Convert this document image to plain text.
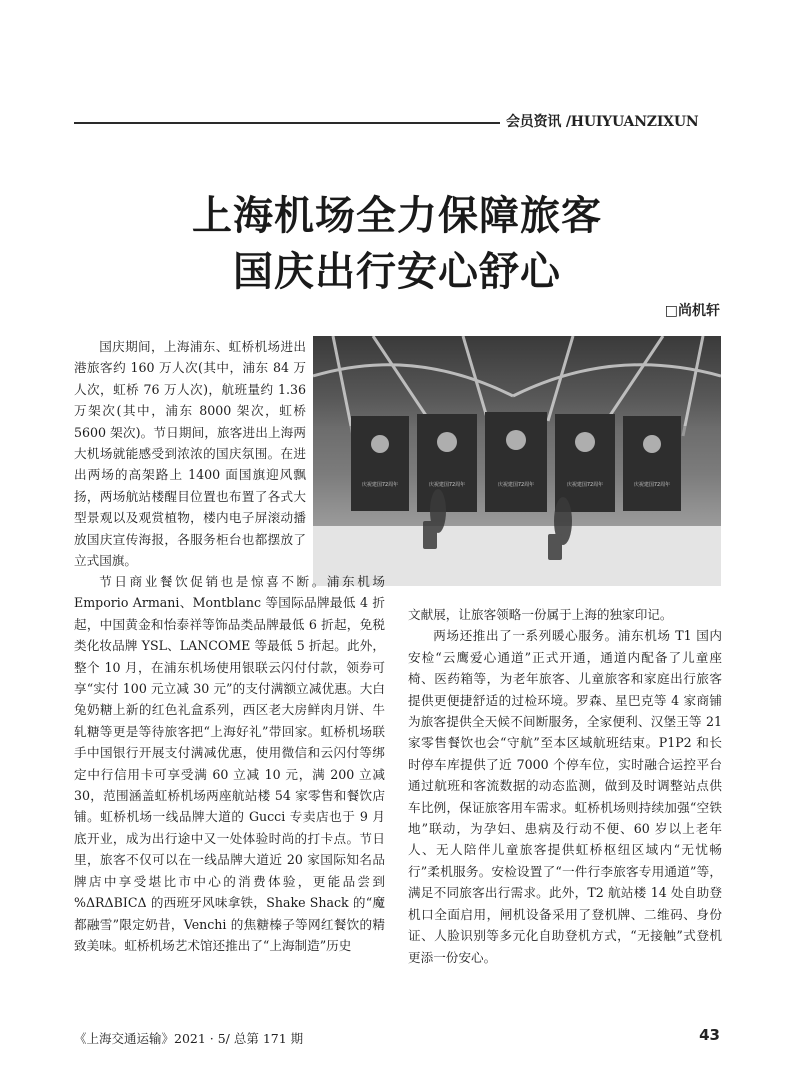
会员资讯 /HUIYUANZIXUN
上海机场全力保障旅客
国庆出行安心舒心
□尚机轩
庆祝建国72周年	庆祝建国72周年	庆祝建国72周年	庆祝建国72周年	庆祝建国72周年

国庆期间，上海浦东、虹桥机场进出港旅客约 160 万人次(其中，浦东 84 万人次，虹桥 76 万人次)，航班量约 1.36 万架次(其中，浦东 8000 架次，虹桥 5600 架次)。节日期间，旅客进出上海两大机场就能感受到浓浓的国庆氛围。在进出两场的高架路上 1400 面国旗迎风飘扬，两场航站楼醒目位置也布置了各式大型景观以及观赏植物，楼内电子屏滚动播放国庆宣传海报，各服务柜台也都摆放了立式国旗。

节日商业餐饮促销也是惊喜不断。浦东机场 Emporio Armani、Montblanc 等国际品牌最低 4 折起，中国黄金和怡泰祥等饰品类品牌最低 6 折起，免税类化妆品牌 YSL、LANCOME 等最低 5 折起。此外，整个 10 月，在浦东机场使用银联云闪付付款，领券可享“实付 100 元立减 30 元”的支付满额立减优惠。大白兔奶糖上新的红色礼盒系列，西区老大房鲜肉月饼、牛轧糖等更是等待旅客把“上海好礼”带回家。虹桥机场联手中国银行开展支付满减优惠，使用微信和云闪付等绑定中行信用卡可享受满 60 立减 10 元，满 200 立减 30，范围涵盖虹桥机场两座航站楼 54 家零售和餐饮店铺。虹桥机场一线品牌大道的 Gucci 专卖店也于 9 月底开业，成为出行途中又一处体验时尚的打卡点。节日里，旅客不仅可以在一线品牌大道近 20 家国际知名品牌店中享受堪比市中心的消费体验，更能品尝到 %ΔRΔBICΔ 的西班牙风味拿铁，Shake Shack 的“魔都融雪”限定奶昔，Venchi 的焦糖榛子等网红餐饮的精致美味。虹桥机场艺术馆还推出了“上海制造”历史

文献展，让旅客领略一份属于上海的独家印记。

两场还推出了一系列暖心服务。浦东机场 T1 国内安检“云鹰爱心通道”正式开通，通道内配备了儿童座椅、医药箱等，为老年旅客、儿童旅客和家庭出行旅客提供更便捷舒适的过检环境。罗森、星巴克等 4 家商铺为旅客提供全天候不间断服务，全家便利、汉堡王等 21 家零售餐饮也会“守航”至本区域航班结束。P1P2 和长时停车库提供了近 7000 个停车位，实时融合运控平台通过航班和客流数据的动态监测，做到及时调整站点供车比例，保证旅客用车需求。虹桥机场则持续加强“空铁地”联动，为孕妇、患病及行动不便、60 岁以上老年人、无人陪伴儿童旅客提供虹桥枢纽区域内“无忧畅行”柔机服务。安检设置了“一件行李旅客专用通道”等，满足不同旅客出行需求。此外，T2 航站楼 14 处自助登机口全面启用，闸机设备采用了登机牌、二维码、身份证、人脸识别等多元化自助登机方式，“无接触”式登机更添一份安心。

《上海交通运输》2021 · 5/ 总第 171 期	43
